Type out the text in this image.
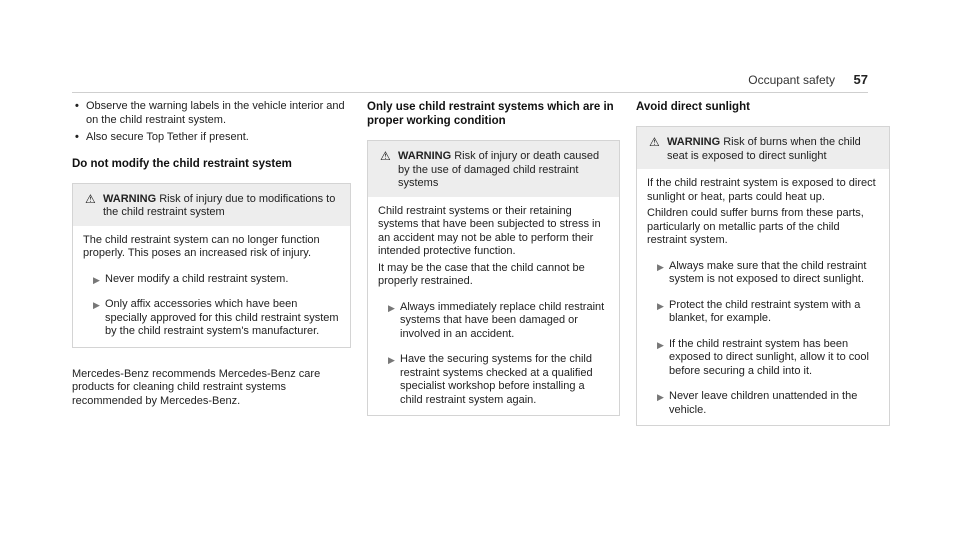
Occupant safety 57
• Observe the warning labels in the vehicle interior and on the child restraint system.
• Also secure Top Tether if present.
Do not modify the child restraint system
⚠ WARNING Risk of injury due to modifications to the child restraint system

The child restraint system can no longer function properly. This poses an increased risk of injury.

▶ Never modify a child restraint system.
▶ Only affix accessories which have been specially approved for this child restraint system by the child restraint system's manufacturer.

Mercedes-Benz recommends Mercedes-Benz care products for cleaning child restraint systems recommended by Mercedes-Benz.

Only use child restraint systems which are in proper working condition
⚠ WARNING Risk of injury or death caused by the use of damaged child restraint systems

Child restraint systems or their retaining systems that have been subjected to stress in an accident may not be able to perform their intended protective function.

It may be the case that the child cannot be properly restrained.

▶ Always immediately replace child restraint systems that have been damaged or involved in an accident.
▶ Have the securing systems for the child restraint systems checked at a qualified specialist workshop before installing a child restraint system again.
Avoid direct sunlight
⚠ WARNING Risk of burns when the child seat is exposed to direct sunlight

If the child restraint system is exposed to direct sunlight or heat, parts could heat up.

Children could suffer burns from these parts, particularly on metallic parts of the child restraint system.

▶ Always make sure that the child restraint system is not exposed to direct sunlight.
▶ Protect the child restraint system with a blanket, for example.
▶ If the child restraint system has been exposed to direct sunlight, allow it to cool before securing a child into it.
▶ Never leave children unattended in the vehicle.
